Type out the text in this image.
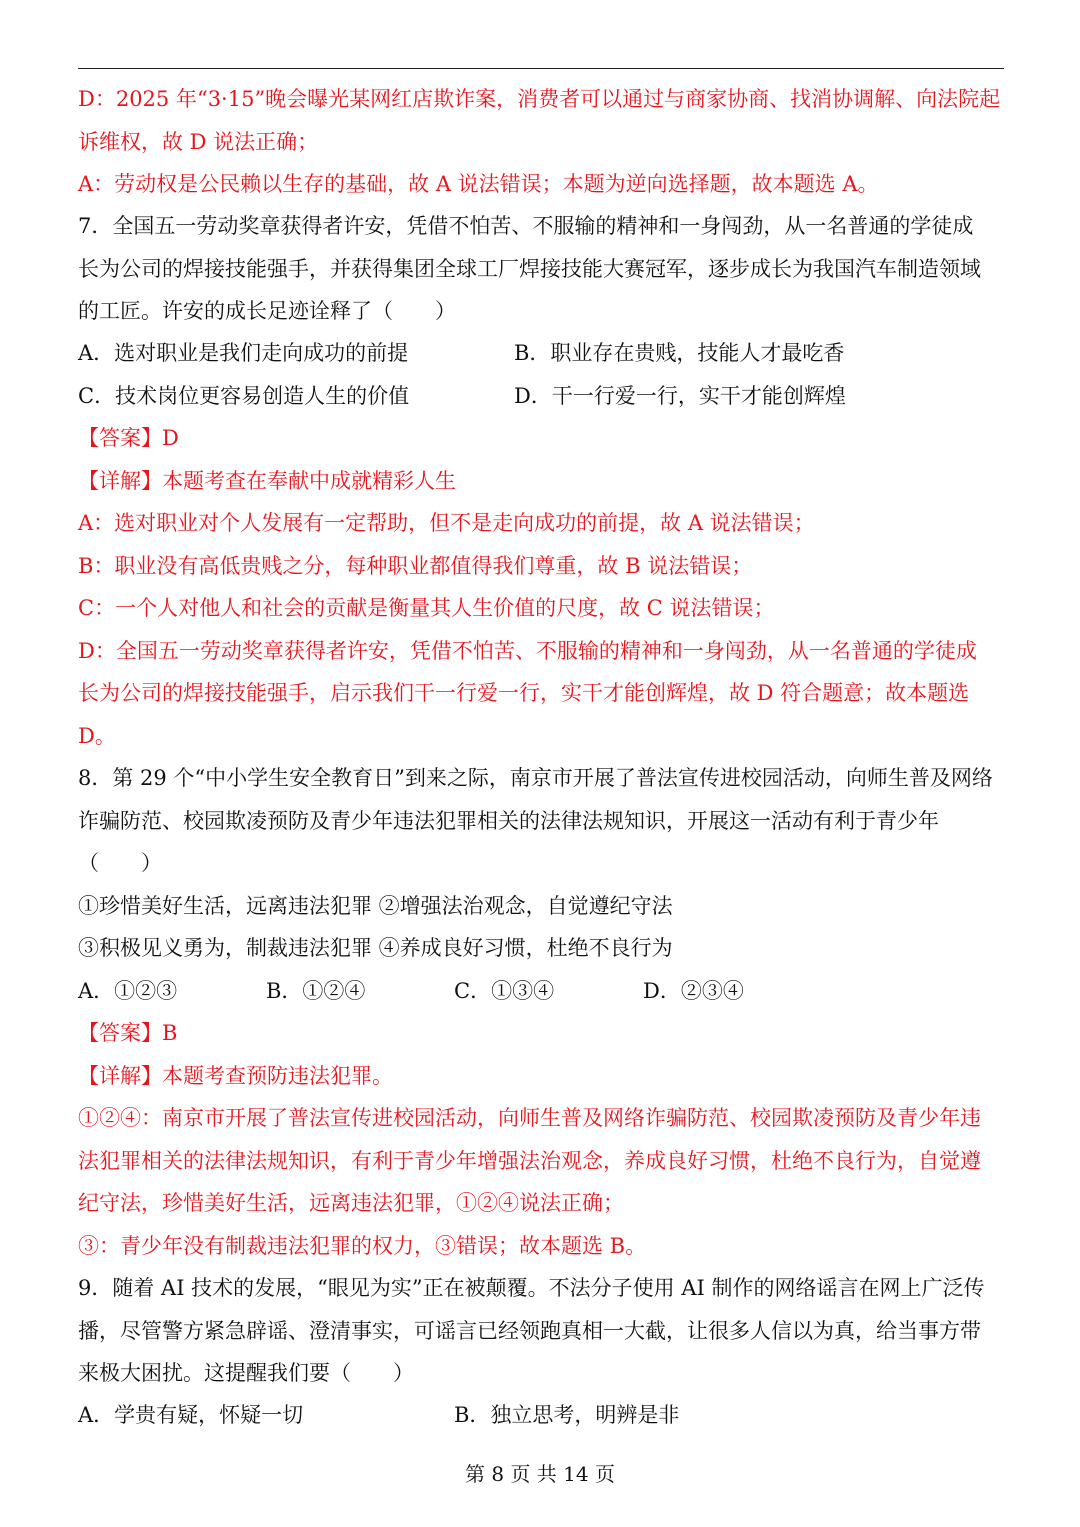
D：2025 年“3·15”晚会曝光某网红店欺诈案，消费者可以通过与商家协商、找消协调解、向法院起
诉维权，故 D 说法正确；
A：劳动权是公民赖以生存的基础，故 A 说法错误；本题为逆向选择题，故本题选 A。
7．全国五一劳动奖章获得者许安，凭借不怕苦、不服输的精神和一身闯劲，从一名普通的学徒成
长为公司的焊接技能强手，并获得集团全球工厂焊接技能大赛冠军，逐步成长为我国汽车制造领域
的工匠。许安的成长足迹诠释了（　　）
A．选对职业是我们走向成功的前提	B．职业存在贵贱，技能人才最吃香
C．技术岗位更容易创造人生的价值	D．干一行爱一行，实干才能创辉煌
【答案】D
【详解】本题考查在奉献中成就精彩人生
A：选对职业对个人发展有一定帮助，但不是走向成功的前提，故 A 说法错误；
B：职业没有高低贵贱之分，每种职业都值得我们尊重，故 B 说法错误；
C：一个人对他人和社会的贡献是衡量其人生价值的尺度，故 C 说法错误；
D：全国五一劳动奖章获得者许安，凭借不怕苦、不服输的精神和一身闯劲，从一名普通的学徒成
长为公司的焊接技能强手，启示我们干一行爱一行，实干才能创辉煌，故 D 符合题意；故本题选
D。
8．第 29 个“中小学生安全教育日”到来之际，南京市开展了普法宣传进校园活动，向师生普及网络
诈骗防范、校园欺凌预防及青少年违法犯罪相关的法律法规知识，开展这一活动有利于青少年
（　　）
①珍惜美好生活，远离违法犯罪 ②增强法治观念，自觉遵纪守法
③积极见义勇为，制裁违法犯罪 ④养成良好习惯，杜绝不良行为
A．①②③	B．①②④	C．①③④	D．②③④
【答案】B
【详解】本题考查预防违法犯罪。
①②④：南京市开展了普法宣传进校园活动，向师生普及网络诈骗防范、校园欺凌预防及青少年违
法犯罪相关的法律法规知识，有利于青少年增强法治观念，养成良好习惯，杜绝不良行为，自觉遵
纪守法，珍惜美好生活，远离违法犯罪，①②④说法正确；
③：青少年没有制裁违法犯罪的权力，③错误；故本题选 B。
9．随着 AI 技术的发展，“眼见为实”正在被颠覆。不法分子使用 AI 制作的网络谣言在网上广泛传
播，尽管警方紧急辟谣、澄清事实，可谣言已经领跑真相一大截，让很多人信以为真，给当事方带
来极大困扰。这提醒我们要（　　）
A．学贵有疑，怀疑一切	B．独立思考，明辨是非
第 8 页 共 14 页
